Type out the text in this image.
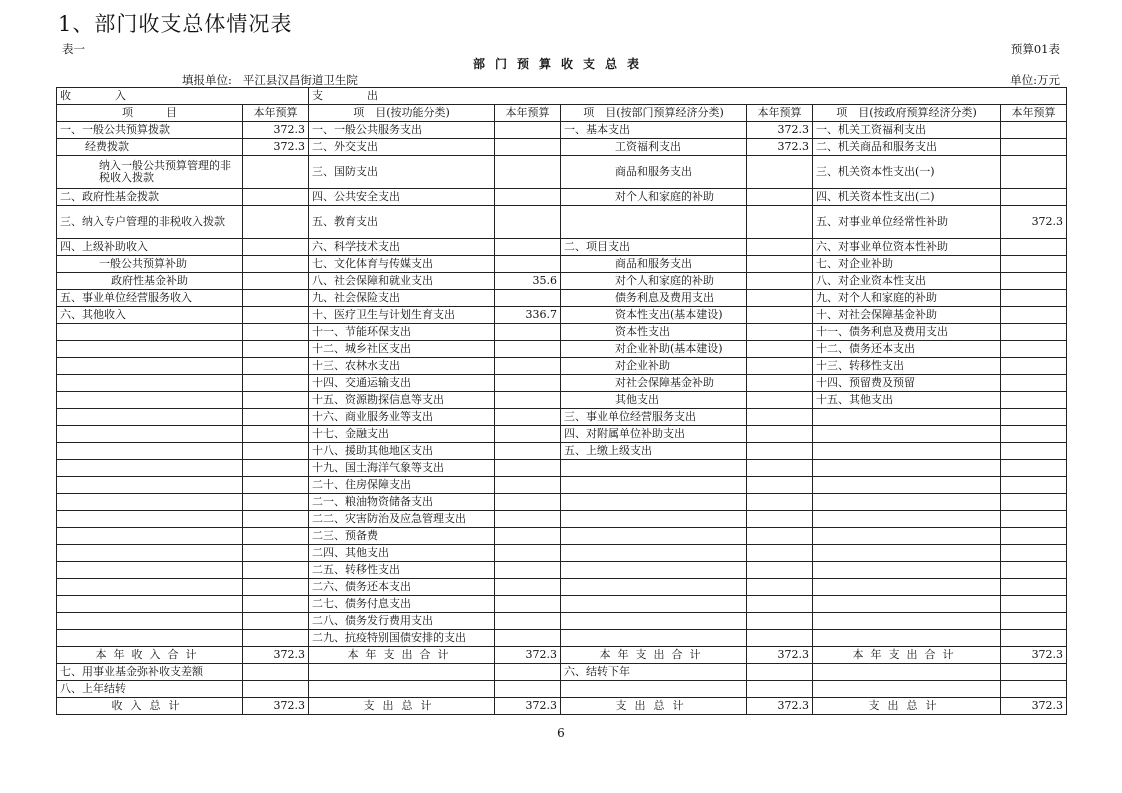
1、部门收支总体情况表
表一	预算01表
部门预算收支总表
填报单位: 平江县汉昌街道卫生院	单位:万元
收　　　　入		支　　　　出					
项　　　目	本年预算	项　目(按功能分类)	本年预算	项　目(按部门预算经济分类)	本年预算	项　目(按政府预算经济分类)	本年预算
一、一般公共预算拨款	372.3	一、一般公共服务支出		一、基本支出	372.3	一、机关工资福利支出	
经费拨款	372.3	二、外交支出		工资福利支出	372.3	二、机关商品和服务支出	
纳入一般公共预算管理的非税收入拨款		三、国防支出		商品和服务支出		三、机关资本性支出(一)	
二、政府性基金拨款		四、公共安全支出		对个人和家庭的补助		四、机关资本性支出(二)	
三、纳入专户管理的非税收入拨款		五、教育支出				五、对事业单位经常性补助	372.3
四、上级补助收入		六、科学技术支出		二、项目支出		六、对事业单位资本性补助	
一般公共预算补助		七、文化体育与传媒支出		商品和服务支出		七、对企业补助	
政府性基金补助		八、社会保障和就业支出	35.6	对个人和家庭的补助		八、对企业资本性支出	
五、事业单位经营服务收入		九、社会保险支出		债务利息及费用支出		九、对个人和家庭的补助	
六、其他收入		十、医疗卫生与计划生育支出	336.7	资本性支出(基本建设)		十、对社会保障基金补助	
		十一、节能环保支出		资本性支出		十一、债务利息及费用支出	
		十二、城乡社区支出		对企业补助(基本建设)		十二、债务还本支出	
		十三、农林水支出		对企业补助		十三、转移性支出	
		十四、交通运输支出		对社会保障基金补助		十四、预留费及预留	
		十五、资源勘探信息等支出		其他支出		十五、其他支出	
		十六、商业服务业等支出		三、事业单位经营服务支出			
		十七、金融支出		四、对附属单位补助支出			
		十八、援助其他地区支出		五、上缴上级支出			
		十九、国土海洋气象等支出					
		二十、住房保障支出					
		二一、粮油物资储备支出					
		二二、灾害防治及应急管理支出					
		二三、预备费					
		二四、其他支出					
		二五、转移性支出					
		二六、债务还本支出					
		二七、债务付息支出					
		二八、债务发行费用支出					
		二九、抗疫特别国债安排的支出					
本年收入合计	372.3	本年支出合计	372.3	本年支出合计	372.3	本年支出合计	372.3
七、用事业基金弥补收支差额				六、结转下年			
八、上年结转							
收入总计	372.3	支出总计	372.3	支出总计	372.3	支出总计	372.3
6
